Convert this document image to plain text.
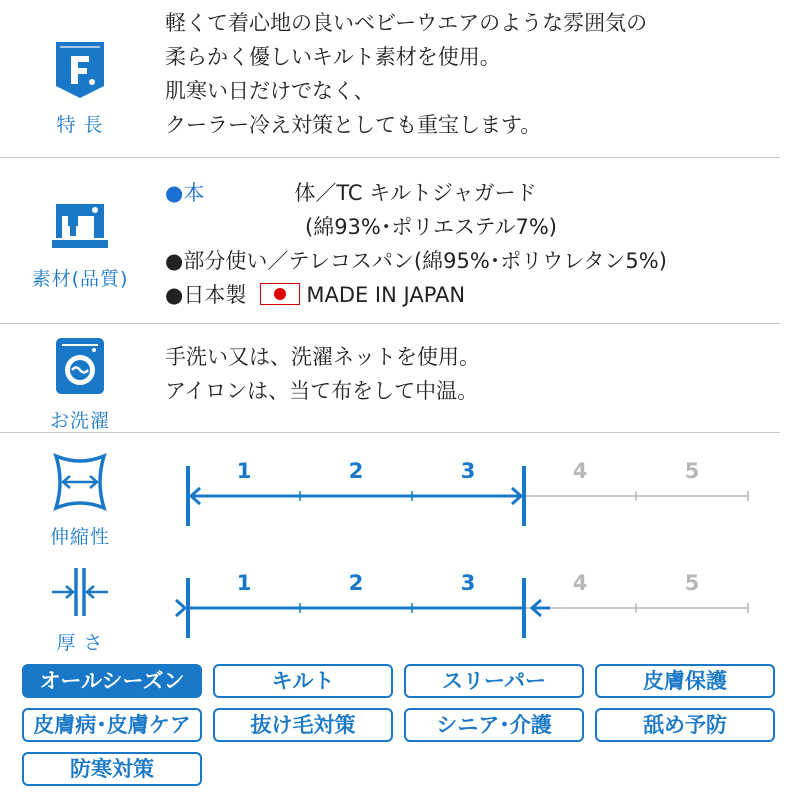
特 長

軽くて着心地の良いベビーウエアのような雰囲気の

柔らかく優しいキルト素材を使用。

肌寒い日だけでなく、

クーラー冷え対策としても重宝します。

素材(品質)

●本	体／TC キルトジャガード

(綿93%･ポリエステル7%)

●部分使い／テレコスパン(綿95%･ポリウレタン5%)

●日本製	MADE IN JAPAN

お洗濯

手洗い又は、洗濯ネットを使用。

アイロンは、当て布をして中温。

伸縮性
1	2	3	4	5
厚 さ
1	2	3	4	5
オールシーズン	キルト	スリーパー	皮膚保護
皮膚病･皮膚ケア	抜け毛対策	シニア･介護	舐め予防
防寒対策
